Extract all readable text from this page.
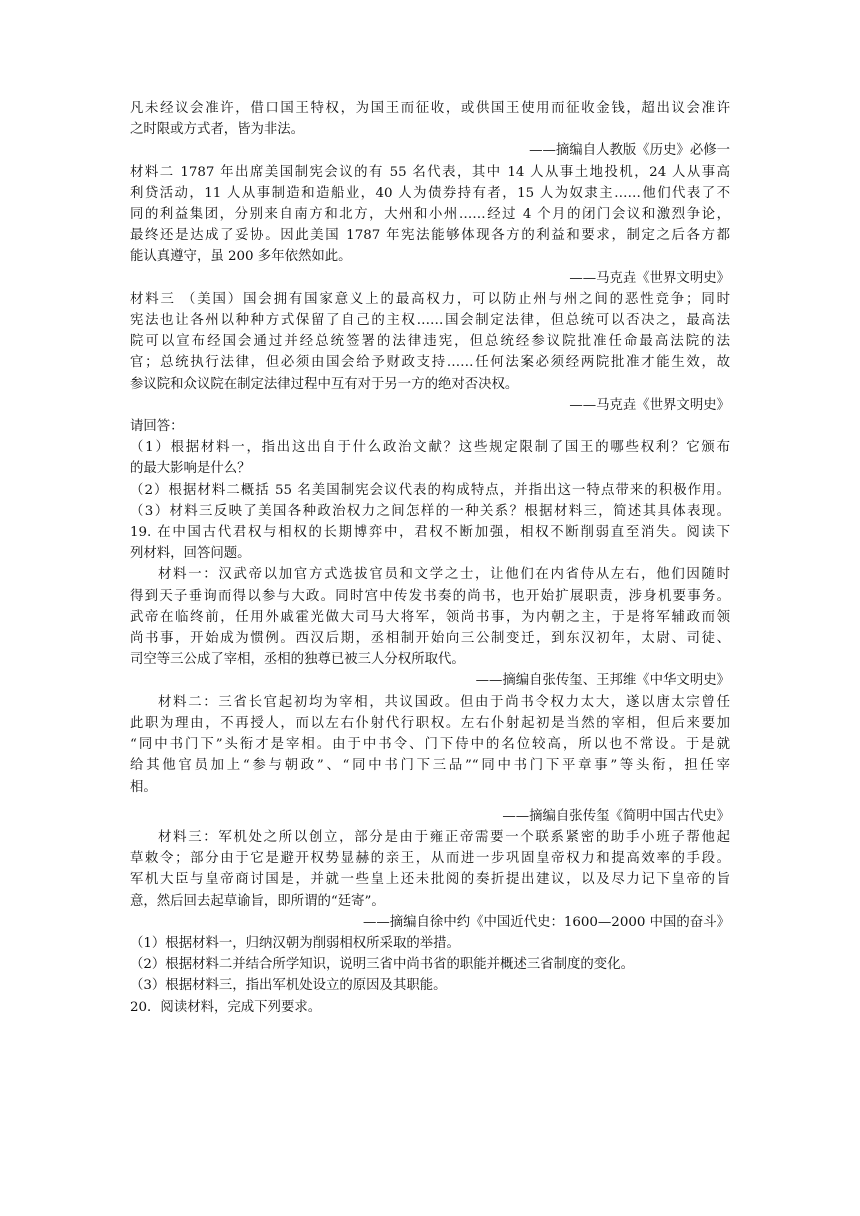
凡未经议会准许，借口国王特权，为国王而征收，或供国王使用而征收金钱，超出议会准许

之时限或方式者，皆为非法。

——摘编自人教版《历史》必修一

材料二 1787 年出席美国制宪会议的有 55 名代表，其中 14 人从事土地投机，24 人从事高

利贷活动，11 人从事制造和造船业，40 人为债券持有者，15 人为奴隶主……他们代表了不

同的利益集团，分别来自南方和北方，大州和小州……经过 4 个月的闭门会议和激烈争论，

最终还是达成了妥协。因此美国 1787 年宪法能够体现各方的利益和要求，制定之后各方都

能认真遵守，虽 200 多年依然如此。

——马克垚《世界文明史》

材料三 （美国）国会拥有国家意义上的最高权力，可以防止州与州之间的恶性竞争；同时

宪法也让各州以种种方式保留了自己的主权……国会制定法律，但总统可以否决之，最高法

院可以宣布经国会通过并经总统签署的法律违宪，但总统经参议院批准任命最高法院的法

官；总统执行法律，但必须由国会给予财政支持……任何法案必须经两院批准才能生效，故

参议院和众议院在制定法律过程中互有对于另一方的绝对否决权。

——马克垚《世界文明史》

请回答：

（1）根据材料一，指出这出自于什么政治文献？这些规定限制了国王的哪些权利？它颁布

的最大影响是什么？

（2）根据材料二概括 55 名美国制宪会议代表的构成特点，并指出这一特点带来的积极作用。

（3）材料三反映了美国各种政治权力之间怎样的一种关系？根据材料三，简述其具体表现。

19. 在中国古代君权与相权的长期博弈中，君权不断加强，相权不断削弱直至消失。阅读下

列材料，回答问题。

材料一：汉武帝以加官方式选拔官员和文学之士，让他们在内省侍从左右，他们因随时

得到天子垂询而得以参与大政。同时宫中传发书奏的尚书，也开始扩展职责，涉身机要事务。

武帝在临终前，任用外戚霍光做大司马大将军，领尚书事，为内朝之主，于是将军辅政而领

尚书事，开始成为惯例。西汉后期，丞相制开始向三公制变迁，到东汉初年，太尉、司徒、

司空等三公成了宰相，丞相的独尊已被三人分权所取代。

——摘编自张传玺、王邦维《中华文明史》

材料二：三省长官起初均为宰相，共议国政。但由于尚书令权力太大，遂以唐太宗曾任

此职为理由，不再授人，而以左右仆射代行职权。左右仆射起初是当然的宰相，但后来要加

“同中书门下”头衔才是宰相。由于中书令、门下侍中的名位较高，所以也不常设。于是就

给其他官员加上“参与朝政”、“同中书门下三品”“同中书门下平章事”等头衔，担任宰

相。

——摘编自张传玺《简明中国古代史》

材料三：军机处之所以创立，部分是由于雍正帝需要一个联系紧密的助手小班子帮他起

草敕令；部分由于它是避开权势显赫的亲王，从而进一步巩固皇帝权力和提高效率的手段。

军机大臣与皇帝商讨国是，并就一些皇上还未批阅的奏折提出建议，以及尽力记下皇帝的旨

意，然后回去起草谕旨，即所谓的“廷寄”。

——摘编自徐中约《中国近代史：1600—2000 中国的奋斗》

（1）根据材料一，归纳汉朝为削弱相权所采取的举措。

（2）根据材料二并结合所学知识，说明三省中尚书省的职能并概述三省制度的变化。

（3）根据材料三，指出军机处设立的原因及其职能。

20．阅读材料，完成下列要求。
